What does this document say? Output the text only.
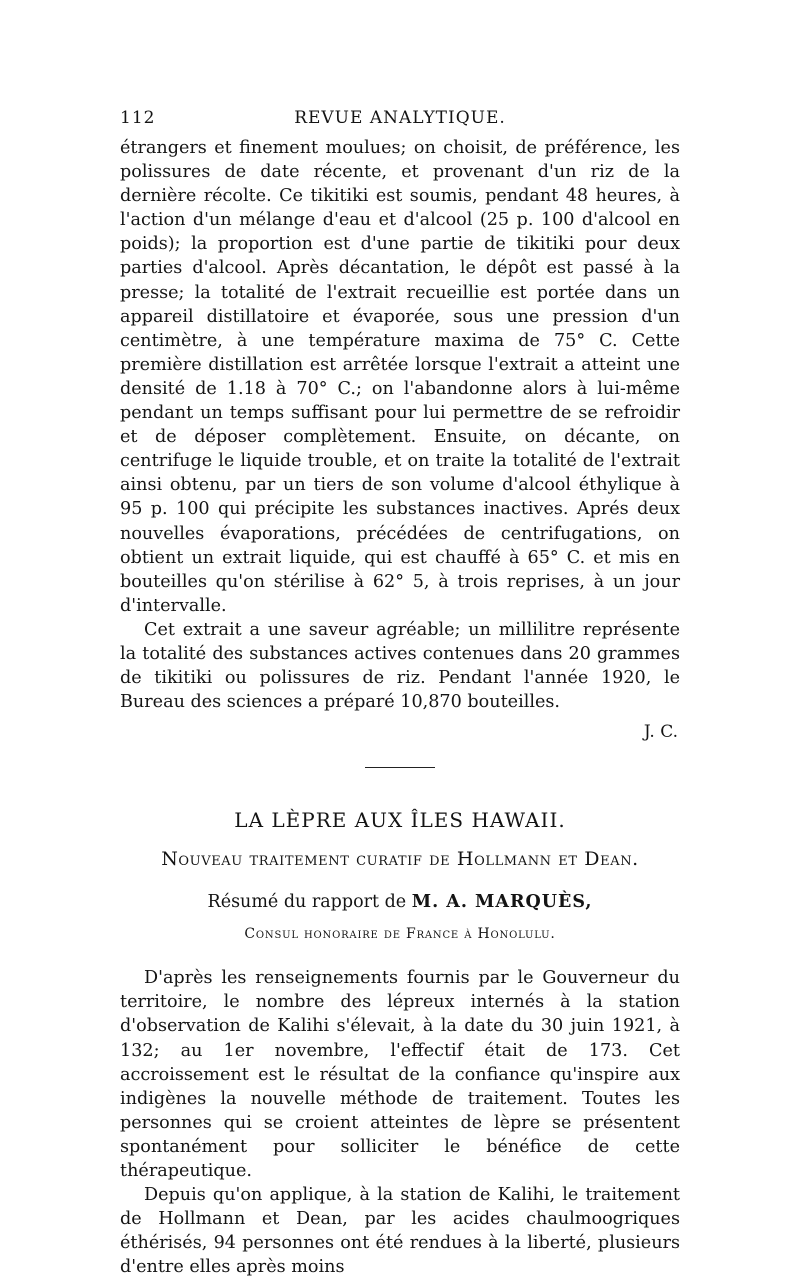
112	REVUE ANALYTIQUE.

étrangers et finement moulues; on choisit, de préférence, les polissures de date récente, et provenant d'un riz de la dernière récolte. Ce tikitiki est soumis, pendant 48 heures, à l'action d'un mélange d'eau et d'alcool (25 p. 100 d'alcool en poids); la proportion est d'une partie de tikitiki pour deux parties d'alcool. Après décantation, le dépôt est passé à la presse; la totalité de l'extrait recueillie est portée dans un appareil distillatoire et évaporée, sous une pression d'un centimètre, à une température maxima de 75° C. Cette première distillation est arrêtée lorsque l'extrait a atteint une densité de 1.18 à 70° C.; on l'abandonne alors à lui-même pendant un temps suffisant pour lui permettre de se refroidir et de déposer complètement. Ensuite, on décante, on centrifuge le liquide trouble, et on traite la totalité de l'extrait ainsi obtenu, par un tiers de son volume d'alcool éthylique à 95 p. 100 qui précipite les substances inactives. Aprés deux nouvelles évaporations, précédées de centrifugations, on obtient un extrait liquide, qui est chauffé à 65° C. et mis en bouteilles qu'on stérilise à 62° 5, à trois reprises, à un jour d'intervalle.

Cet extrait a une saveur agréable; un millilitre représente la totalité des substances actives contenues dans 20 grammes de tikitiki ou polissures de riz. Pendant l'année 1920, le Bureau des sciences a préparé 10,870 bouteilles.

J. C.
LA LÈPRE AUX ÎLES HAWAII.
Nouveau traitement curatif de Hollmann et Dean.
Résumé du rapport de M. A. MARQUÈS,
Consul honoraire de France à Honolulu.

D'après les renseignements fournis par le Gouverneur du territoire, le nombre des lépreux internés à la station d'observation de Kalihi s'élevait, à la date du 30 juin 1921, à 132; au 1er novembre, l'effectif était de 173. Cet accroissement est le résultat de la confiance qu'inspire aux indigènes la nouvelle méthode de traitement. Toutes les personnes qui se croient atteintes de lèpre se présentent spontanément pour solliciter le bénéfice de cette thérapeutique.

Depuis qu'on applique, à la station de Kalihi, le traitement de Hollmann et Dean, par les acides chaulmoogriques éthérisés, 94 personnes ont été rendues à la liberté, plusieurs d'entre elles après moins
